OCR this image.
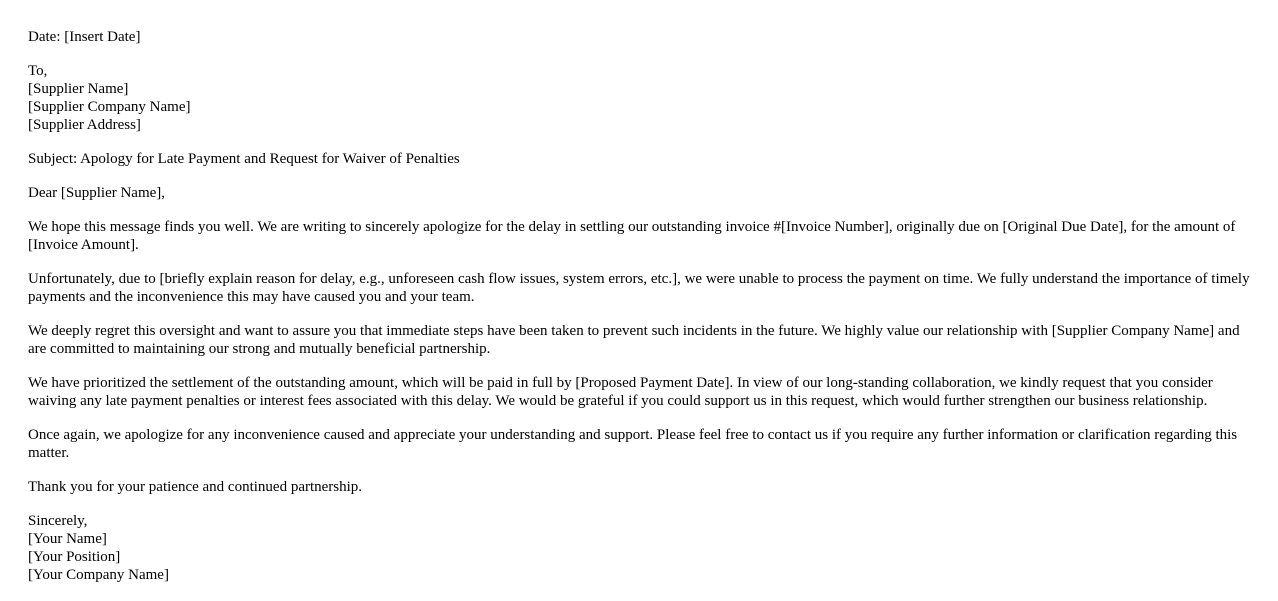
Date: [Insert Date]
To,
[Supplier Name]
[Supplier Company Name]
[Supplier Address]
Subject: Apology for Late Payment and Request for Waiver of Penalties
Dear [Supplier Name],

We hope this message finds you well. We are writing to sincerely apologize for the delay in settling our outstanding invoice #[Invoice Number], originally due on [Original Due Date], for the amount of [Invoice Amount].

Unfortunately, due to [briefly explain reason for delay, e.g., unforeseen cash flow issues, system errors, etc.], we were unable to process the payment on time. We fully understand the importance of timely payments and the inconvenience this may have caused you and your team.

We deeply regret this oversight and want to assure you that immediate steps have been taken to prevent such incidents in the future. We highly value our relationship with [Supplier Company Name] and are committed to maintaining our strong and mutually beneficial partnership.

We have prioritized the settlement of the outstanding amount, which will be paid in full by [Proposed Payment Date]. In view of our long-standing collaboration, we kindly request that you consider waiving any late payment penalties or interest fees associated with this delay. We would be grateful if you could support us in this request, which would further strengthen our business relationship.

Once again, we apologize for any inconvenience caused and appreciate your understanding and support. Please feel free to contact us if you require any further information or clarification regarding this matter.

Thank you for your patience and continued partnership.

Sincerely,
[Your Name]
[Your Position]
[Your Company Name]
